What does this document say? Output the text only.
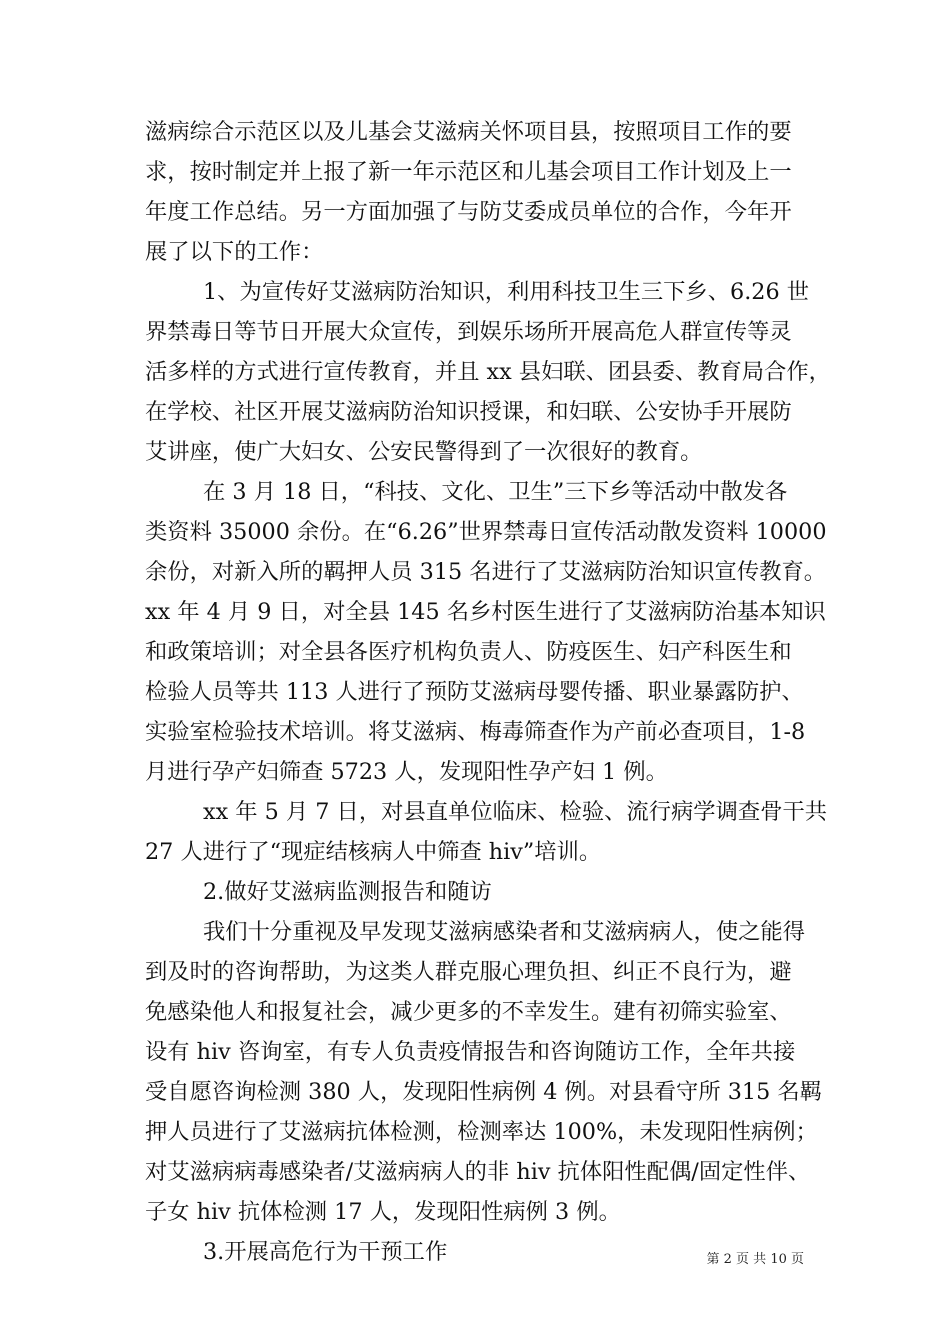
滋病综合示范区以及儿基会艾滋病关怀项目县，按照项目工作的要
求，按时制定并上报了新一年示范区和儿基会项目工作计划及上一
年度工作总结。另一方面加强了与防艾委成员单位的合作，今年开
展了以下的工作：
1、为宣传好艾滋病防治知识，利用科技卫生三下乡、6.26 世
界禁毒日等节日开展大众宣传，到娱乐场所开展高危人群宣传等灵
活多样的方式进行宣传教育，并且 xx 县妇联、团县委、教育局合作，
在学校、社区开展艾滋病防治知识授课，和妇联、公安协手开展防
艾讲座，使广大妇女、公安民警得到了一次很好的教育。
在 3 月 18 日，“科技、文化、卫生”三下乡等活动中散发各
类资料 35000 余份。在“6.26”世界禁毒日宣传活动散发资料 10000
余份，对新入所的羁押人员 315 名进行了艾滋病防治知识宣传教育。
xx 年 4 月 9 日，对全县 145 名乡村医生进行了艾滋病防治基本知识
和政策培训；对全县各医疗机构负责人、防疫医生、妇产科医生和
检验人员等共 113 人进行了预防艾滋病母婴传播、职业暴露防护、
实验室检验技术培训。将艾滋病、梅毒筛查作为产前必查项目，1-8
月进行孕产妇筛查 5723 人，发现阳性孕产妇 1 例。
xx 年 5 月 7 日，对县直单位临床、检验、流行病学调查骨干共
27 人进行了“现症结核病人中筛查 hiv”培训。
2.做好艾滋病监测报告和随访
我们十分重视及早发现艾滋病感染者和艾滋病病人，使之能得
到及时的咨询帮助，为这类人群克服心理负担、纠正不良行为，避
免感染他人和报复社会，减少更多的不幸发生。建有初筛实验室、
设有 hiv 咨询室，有专人负责疫情报告和咨询随访工作，全年共接
受自愿咨询检测 380 人，发现阳性病例 4 例。对县看守所 315 名羁
押人员进行了艾滋病抗体检测，检测率达 100%，未发现阳性病例；
对艾滋病病毒感染者/艾滋病病人的非 hiv 抗体阳性配偶/固定性伴、
子女 hiv 抗体检测 17 人，发现阳性病例 3 例。
3.开展高危行为干预工作	第 2 页 共 10 页
